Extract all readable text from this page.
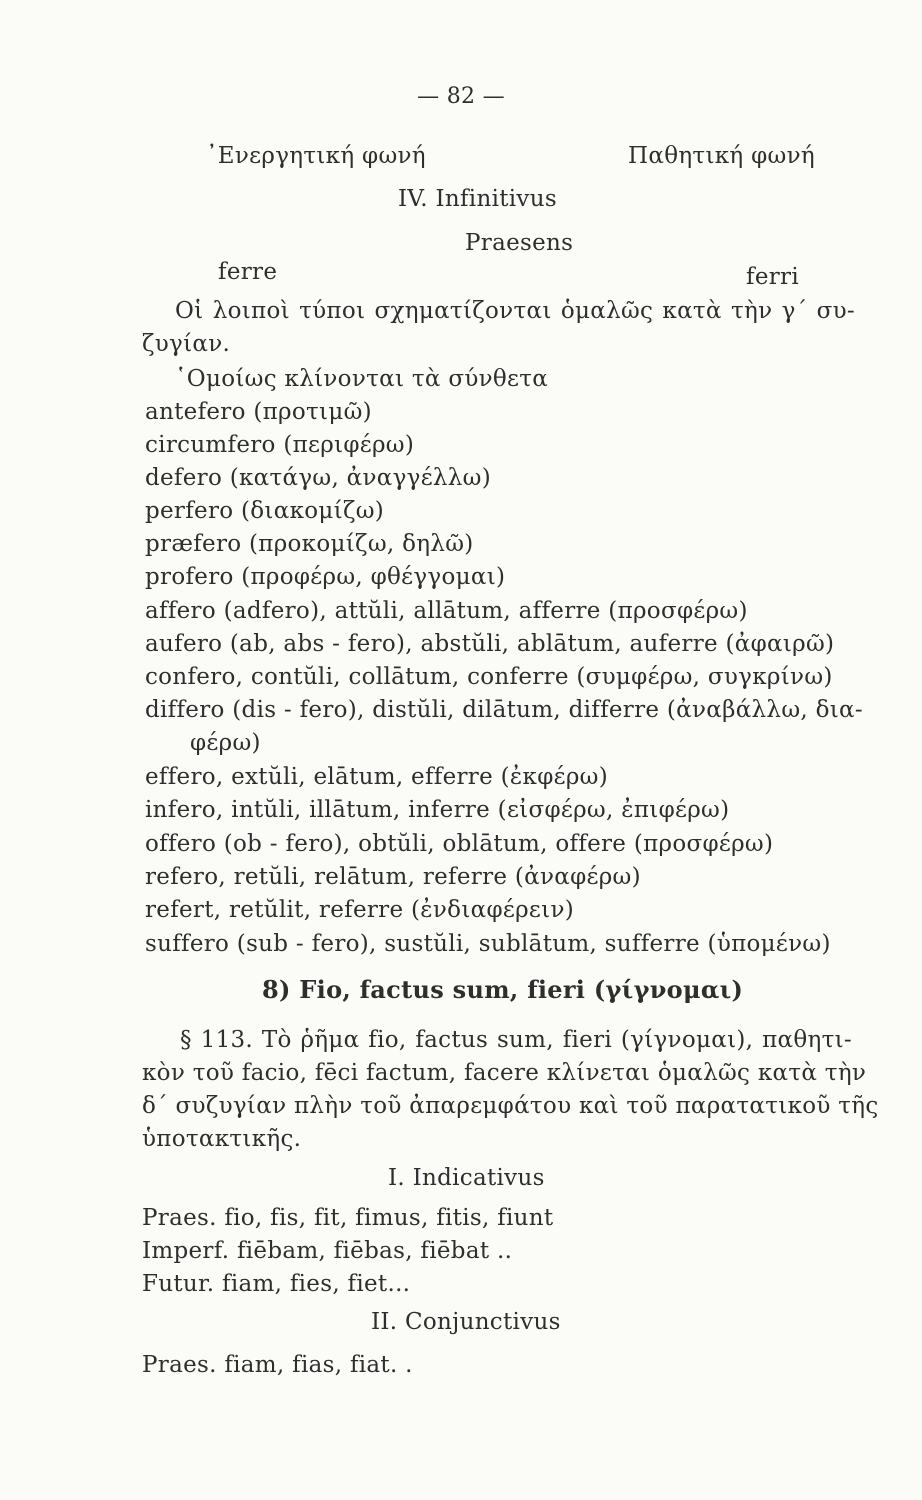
— 82 —
᾿Ενεργητική φωνή	Παθητική φωνή
IV. Infinitivus
Praesens
ferre	ferri
Οἱ λοιποὶ τύποι σχηματίζονται ὁμαλῶς κατὰ τὴν γ΄ συ-
ζυγίαν.
῾Ομοίως κλίνονται τὰ σύνθετα
antefero (προτιμῶ)
circumfero (περιφέρω)
defero (κατάγω, ἀναγγέλλω)
perfero (διακομίζω)
præfero (προκομίζω, δηλῶ)
profero (προφέρω, φθέγγομαι)
affero (adfero), attŭli, allātum, afferre (προσφέρω)
aufero (ab, abs - fero), abstŭli, ablātum, auferre (ἀφαιρῶ)
confero, contŭli, collātum, conferre (συμφέρω, συγκρίνω)
differo (dis - fero), distŭli, dilātum, differre (ἀναβάλλω, δια-
φέρω)
effero, extŭli, elātum, efferre (ἐκφέρω)
infero, intŭli, illātum, inferre (εἰσφέρω, ἐπιφέρω)
offero (ob - fero), obtŭli, oblātum, offere (προσφέρω)
refero, retŭli, relātum, referre (ἀναφέρω)
refert, retŭlit, referre (ἐνδιαφέρειν)
suffero (sub - fero), sustŭli, sublātum, sufferre (ὑπομένω)
8) Fio, factus sum, fieri (γίγνομαι)
§ 113. Τὸ ῥῆμα fio, factus sum, fieri (γίγνομαι), παθητι-
κὸν τοῦ facio, fēci factum, facere κλίνεται ὁμαλῶς κατὰ τὴν
δ΄ συζυγίαν πλὴν τοῦ ἀπαρεμφάτου καὶ τοῦ παρατατικοῦ τῆς
ὑποτακτικῆς.
I. Indicativus
Praes. fio, fis, fit, fimus, fitis, fiunt
Imperf. fiēbam, fiēbas, fiēbat ..
Futur. fiam, fies, fiet...
II. Conjunctivus
Praes. fiam, fias, fiat. .
